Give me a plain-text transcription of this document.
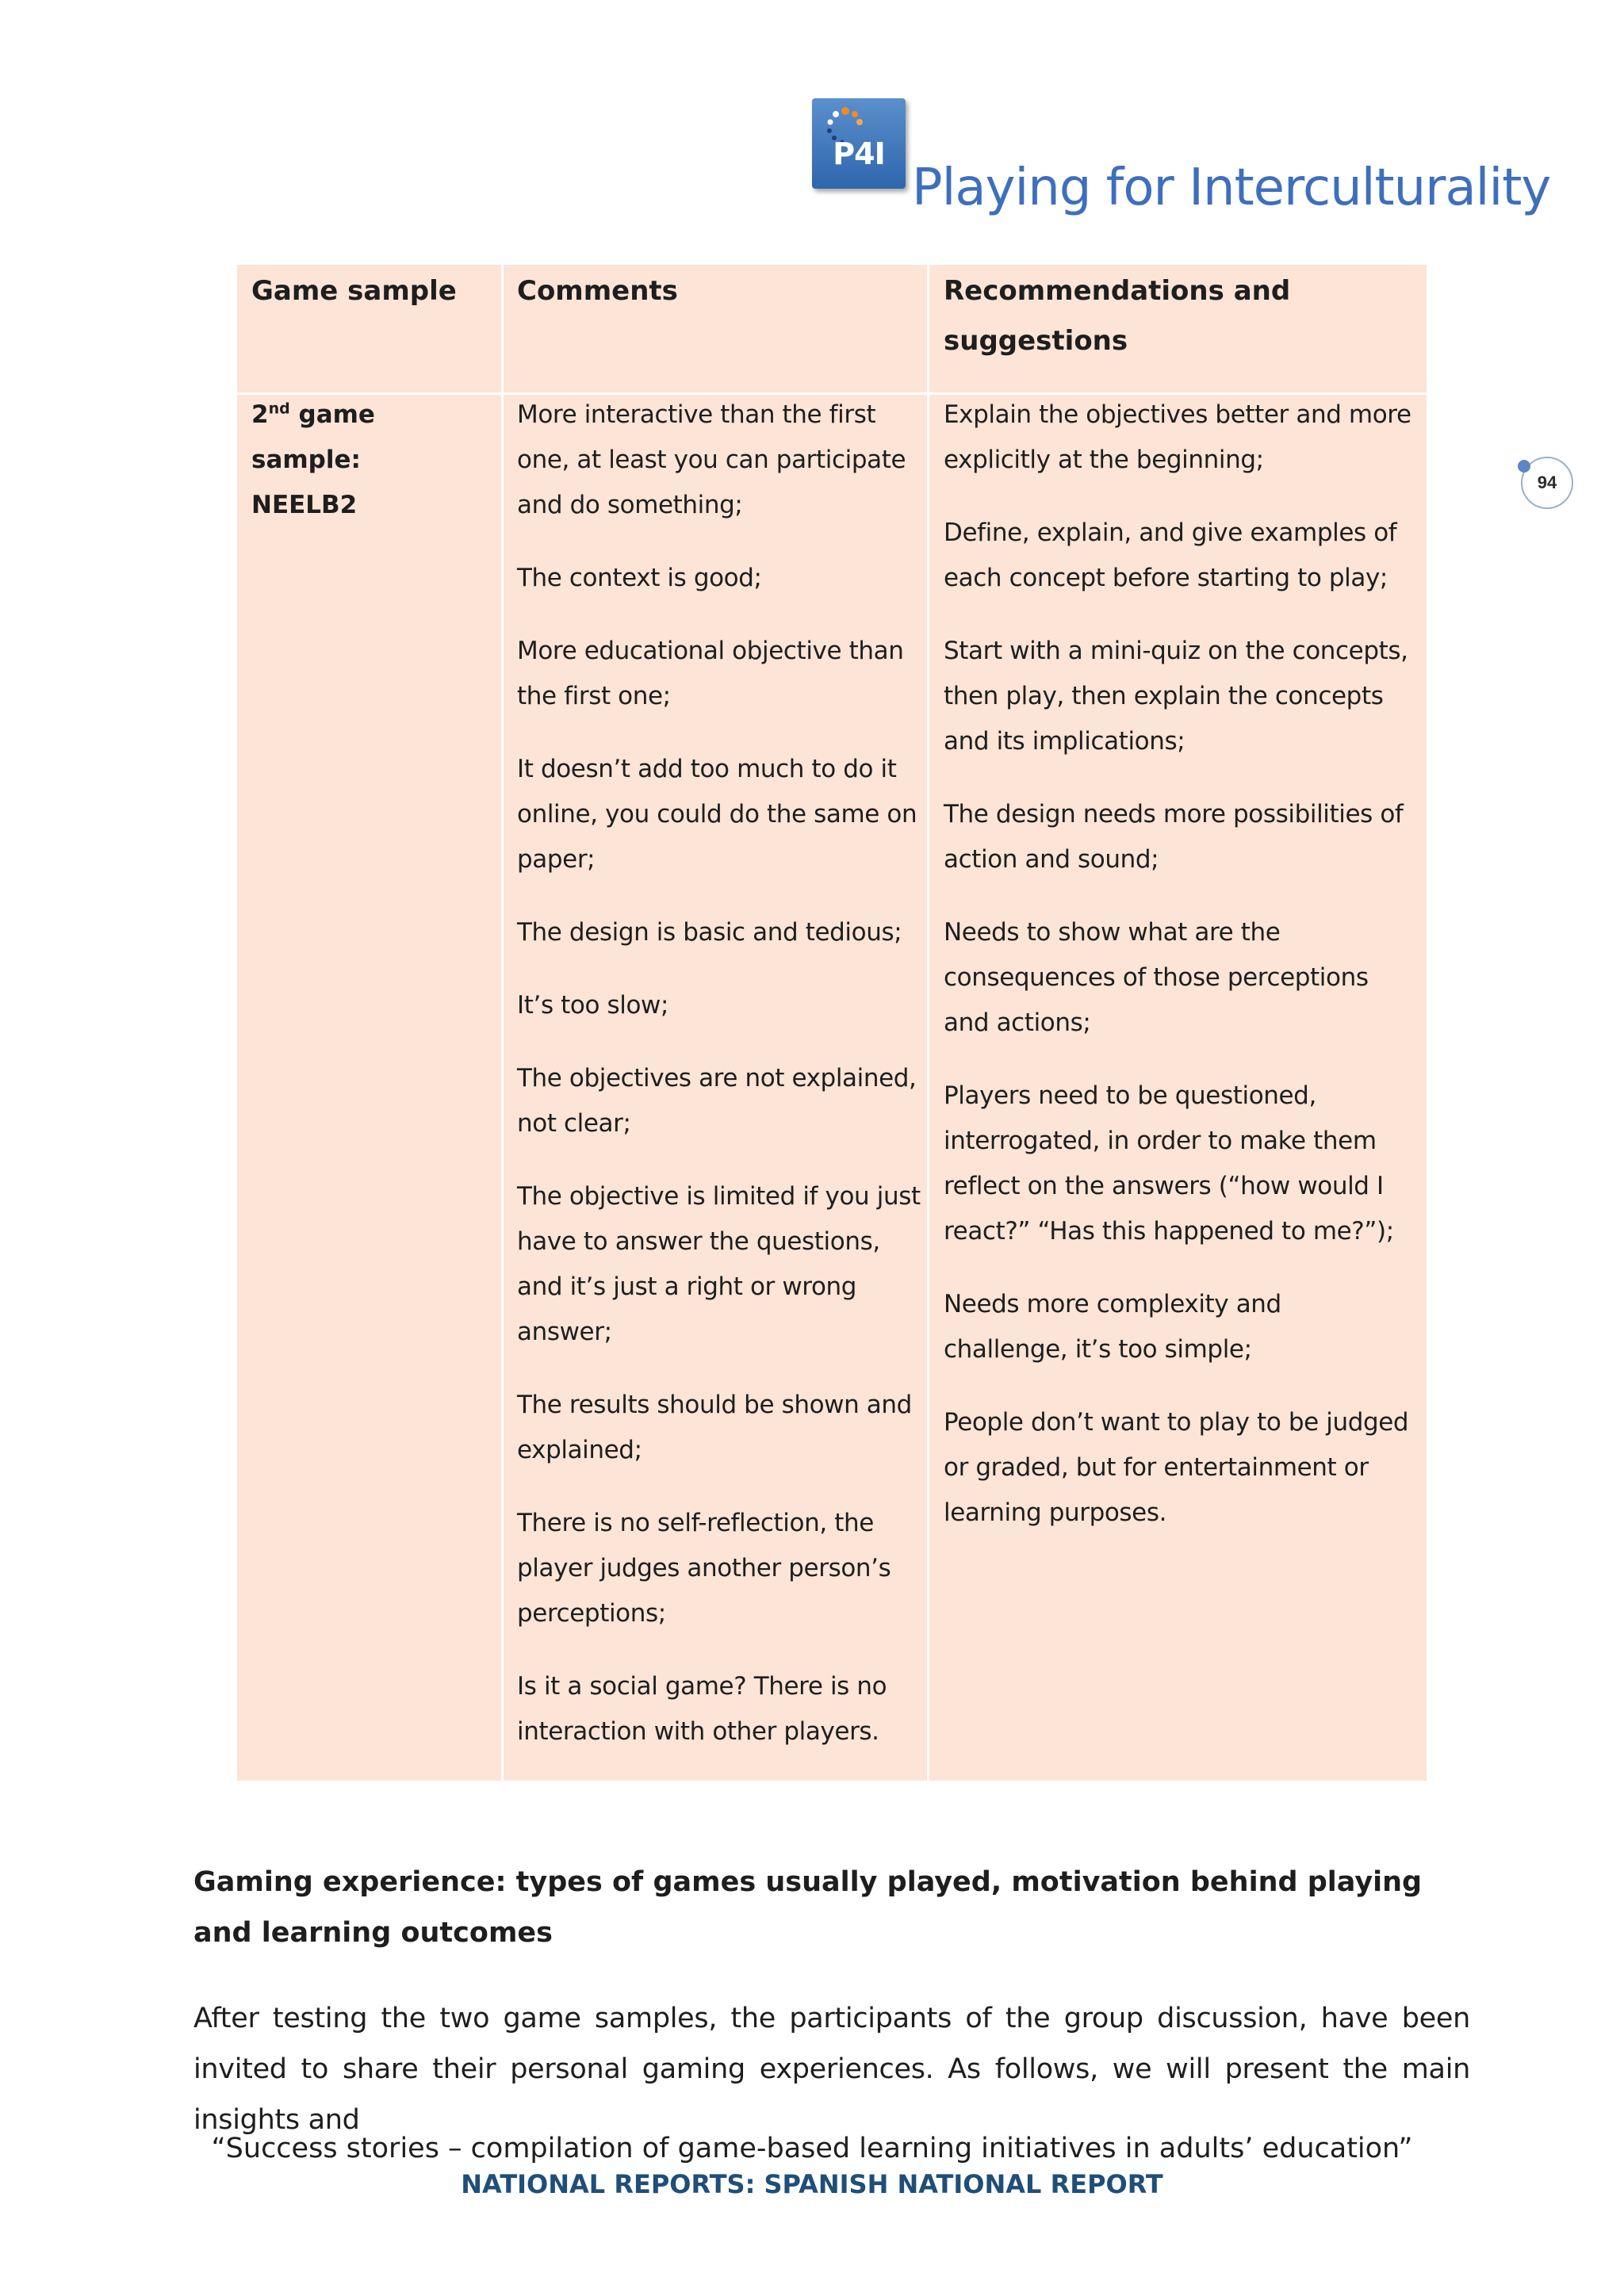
P4I
Playing for Interculturality
94
Game sample	Comments	Recommendations and suggestions
2nd game sample:
NEELB2

More interactive than the first one, at least you can participate and do something;

The context is good;

More educational objective than the first one;

It doesn’t add too much to do it online, you could do the same on paper;

The design is basic and tedious;

It’s too slow;

The objectives are not explained, not clear;

The objective is limited if you just have to answer the questions, and it’s just a right or wrong answer;

The results should be shown and explained;

There is no self-reflection, the player judges another person’s perceptions;

Is it a social game? There is no interaction with other players.

Explain the objectives better and more explicitly at the beginning;

Define, explain, and give examples of each concept before starting to play;

Start with a mini-quiz on the concepts, then play, then explain the concepts and its implications;

The design needs more possibilities of action and sound;

Needs to show what are the consequences of those perceptions and actions;

Players need to be questioned, interrogated, in order to make them reflect on the answers (“how would I react?” “Has this happened to me?”);

Needs more complexity and challenge, it’s too simple;

People don’t want to play to be judged or graded, but for entertainment or learning purposes.

Gaming experience: types of games usually played, motivation behind playing and learning outcomes
After testing the two game samples, the participants of the group discussion, have been invited to share their personal gaming experiences. As follows, we will present the main insights and
“Success stories – compilation of game-based learning initiatives in adults’ education”
NATIONAL REPORTS: SPANISH NATIONAL REPORT
